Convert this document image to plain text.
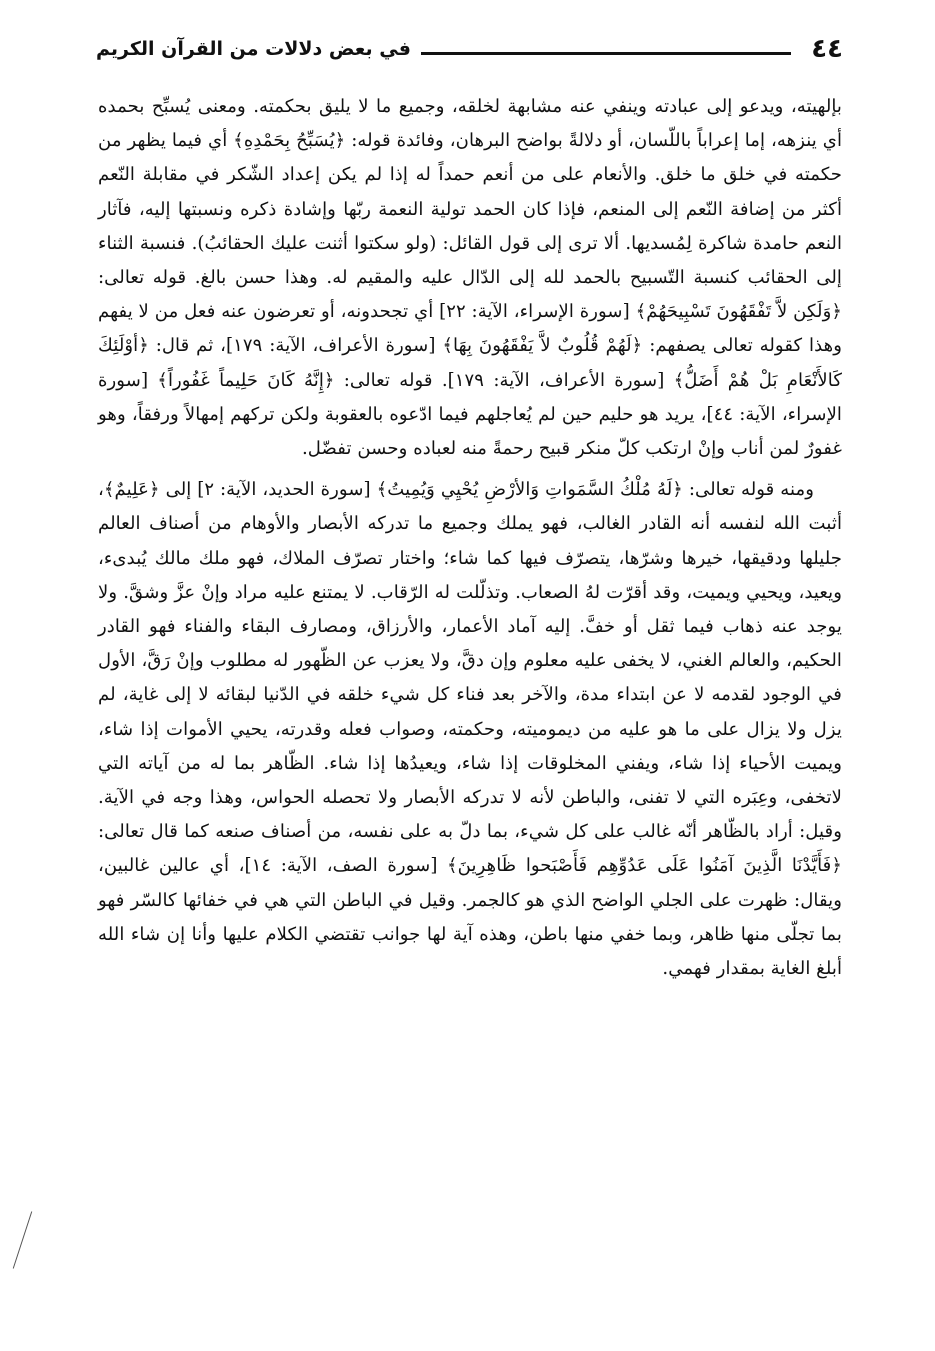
٤٤
في بعض دلالات من القرآن الكريم

بإلهيته، ويدعو إلى عبادته وينفي عنه مشابهة لخلقه، وجميع ما لا يليق بحكمته. ومعنى يُسبِّح بحمده أي ينزهه، إما إعراباً باللّسان، أو دلالةً بواضح البرهان، وفائدة قوله: ﴿يُسَبِّحُ بِحَمْدِهِ﴾ أي فيما يظهر من حكمته في خلق ما خلق. والأنعام على من أنعم حمداً له إذا لم يكن إعداد الشّكر في مقابلة النّعم أكثر من إضافة النّعم إلى المنعم، فإذا كان الحمد تولية النعمة ربّها وإشادة ذكره ونسبتها إليه، فآثار النعم حامدة شاكرة لِمُسديها. ألا ترى إلى قول القائل: (ولو سكتوا أثنت عليك الحقائبُ). فنسبة الثناء إلى الحقائب كنسبة التّسبيح بالحمد لله إلى الدّال عليه والمقيم له. وهذا حسن بالغ. قوله تعالى: ﴿وَلَكِن لاَّ تَفْقَهُونَ تَسْبِيحَهُمْ﴾ [سورة الإسراء، الآية: ٢٢] أي تجحدونه، أو تعرضون عنه فعل من لا يفهم وهذا كقوله تعالى يصفهم: ﴿لَهُمْ قُلُوبٌ لاَّ يَفْقَهُونَ بِهَا﴾ [سورة الأعراف، الآية: ١٧٩]، ثم قال: ﴿أوْلَئِكَ كَالأَنْعَامِ بَلْ هُمْ أَضَلُّ﴾ [سورة الأعراف، الآية: ١٧٩]. قوله تعالى: ﴿إِنَّهُ كَانَ حَلِيماً غَفُوراً﴾ [سورة الإسراء، الآية: ٤٤]، يريد هو حليم حين لم يُعاجلهم فيما ادّعوه بالعقوبة ولكن تركهم إمهالاً ورفقاً، وهو غفورٌ لمن أناب وإنْ ارتكب كلّ منكر قبيح رحمةً منه لعباده وحسن تفضّل.

ومنه قوله تعالى: ﴿لَهُ مُلْكُ السَّمَواتِ وَالأرْضِ يُحْيِي وَيُمِيتُ﴾ [سورة الحديد، الآية: ٢] إلى ﴿عَلِيمٌ﴾، أثبت الله لنفسه أنه القادر الغالب، فهو يملك وجميع ما تدركه الأبصار والأوهام من أصناف العالم جليلها ودقيقها، خيرها وشرّها، يتصرّف فيها كما شاء؛ واختار تصرّف الملاك، فهو ملك مالك يُبدىء، ويعيد، ويحيي ويميت، وقد أقرّت لهُ الصعاب. وتذلّلت له الرّقاب. لا يمتنع عليه مراد وإنْ عزَّ وشقَّ. ولا يوجد عنه ذهاب فيما ثقل أو خفَّ. إليه آماد الأعمار، والأرزاق، ومصارف البقاء والفناء فهو القادر الحكيم، والعالم الغني، لا يخفى عليه معلوم وإن دقَّ، ولا يعزب عن الظّهور له مطلوب وإنْ رَقَّ، الأول في الوجود لقدمه لا عن ابتداء مدة، والآخر بعد فناء كل شيء خلقه في الدّنيا لبقائه لا إلى غاية، لم يزل ولا يزال على ما هو عليه من ديموميته، وحكمته، وصواب فعله وقدرته، يحيي الأموات إذا شاء، ويميت الأحياء إذا شاء، ويفني المخلوقات إذا شاء، ويعيدُها إذا شاء. الظّاهر بما له من آياته التي لاتخفى، وعِبَره التي لا تفنى، والباطن لأنه لا تدركه الأبصار ولا تحصله الحواس، وهذا وجه في الآية. وقيل: أراد بالظّاهر أنّه غالب على كل شيء، بما دلّ به على نفسه، من أصناف صنعه كما قال تعالى: ﴿فَأَيَّدْنَا الَّذِينَ آمَنُوا عَلَى عَدُوِّهِم فَأَصْبَحوا ظَاهِرِينَ﴾ [سورة الصف، الآية: ١٤]، أي عالين غالبين، ويقال: ظهرت على الجلي الواضح الذي هو كالجمر. وقيل في الباطن التي هي في خفائها كالسّر فهو بما تجلّى منها ظاهر، وبما خفي منها باطن، وهذه آية لها جوانب تقتضي الكلام عليها وأنا إن شاء الله أبلغ الغاية بمقدار فهمي.
